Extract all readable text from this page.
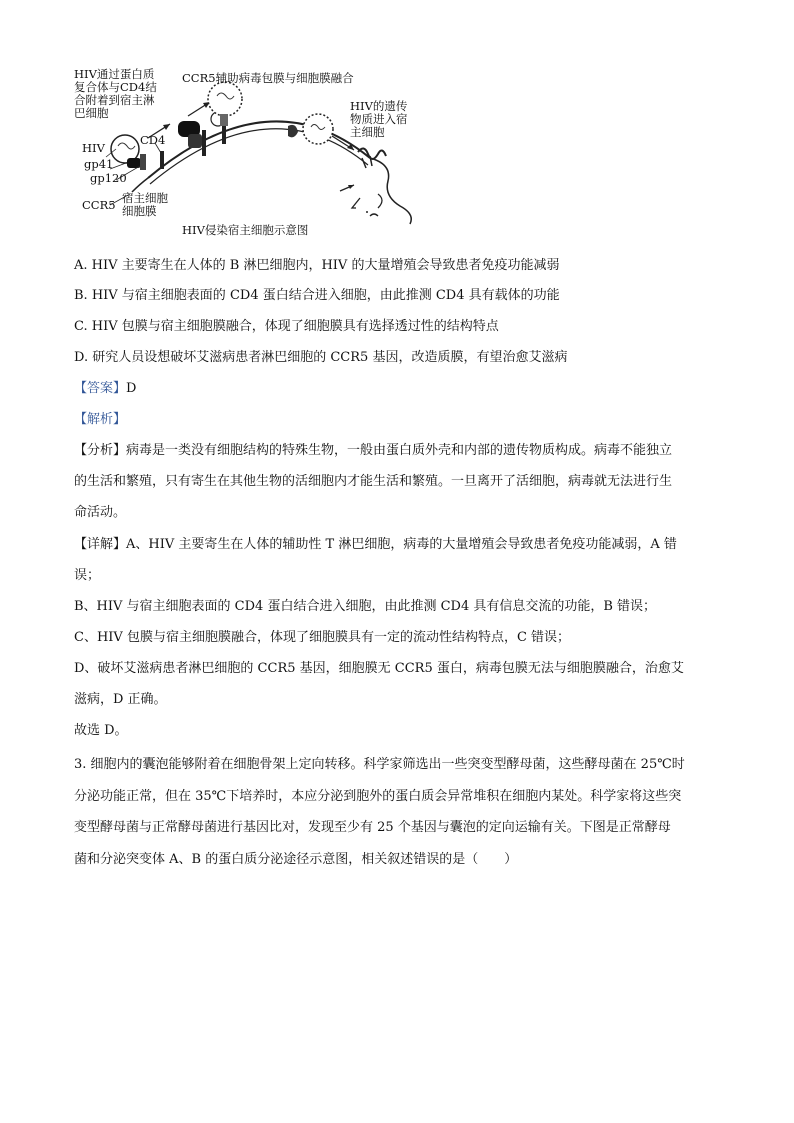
HIV通过蛋白质
复合体与CD4结
合附着到宿主淋
巴细胞
CCR5辅助病毒包膜与细胞膜融合
HIV的遗传
物质进入宿
主细胞
HIV
gp41
gp120
CD4
CCR5 宿主细胞
细胞膜
HIV侵染宿主细胞示意图
A. HIV 主要寄生在人体的 B 淋巴细胞内，HIV 的大量增殖会导致患者免疫功能减弱
B. HIV 与宿主细胞表面的 CD4 蛋白结合进入细胞，由此推测 CD4 具有载体的功能
C. HIV 包膜与宿主细胞膜融合，体现了细胞膜具有选择透过性的结构特点
D. 研究人员设想破坏艾滋病患者淋巴细胞的 CCR5 基因，改造质膜，有望治愈艾滋病
【答案】D
【解析】
【分析】病毒是一类没有细胞结构的特殊生物，一般由蛋白质外壳和内部的遗传物质构成。病毒不能独立
的生活和繁殖，只有寄生在其他生物的活细胞内才能生活和繁殖。一旦离开了活细胞，病毒就无法进行生
命活动。
【详解】A、HIV 主要寄生在人体的辅助性 T 淋巴细胞，病毒的大量增殖会导致患者免疫功能减弱，A 错
误；
B、HIV 与宿主细胞表面的 CD4 蛋白结合进入细胞，由此推测 CD4 具有信息交流的功能，B 错误；
C、HIV 包膜与宿主细胞膜融合，体现了细胞膜具有一定的流动性结构特点，C 错误；
D、破坏艾滋病患者淋巴细胞的 CCR5 基因，细胞膜无 CCR5 蛋白，病毒包膜无法与细胞膜融合，治愈艾
滋病，D 正确。
故选 D。
3. 细胞内的囊泡能够附着在细胞骨架上定向转移。科学家筛选出一些突变型酵母菌，这些酵母菌在 25℃时
分泌功能正常，但在 35℃下培养时，本应分泌到胞外的蛋白质会异常堆积在细胞内某处。科学家将这些突
变型酵母菌与正常酵母菌进行基因比对，发现至少有 25 个基因与囊泡的定向运输有关。下图是正常酵母
菌和分泌突变体 A、B 的蛋白质分泌途径示意图，相关叙述错误的是（　　）
